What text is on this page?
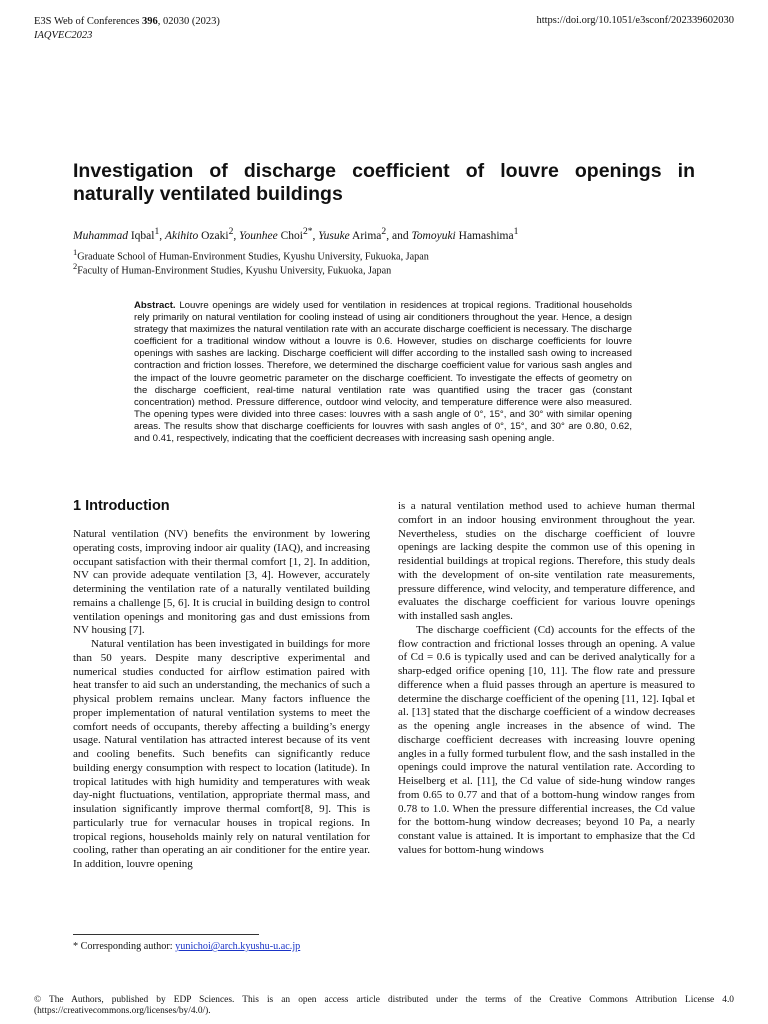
E3S Web of Conferences 396, 02030 (2023)
IAQVEC2023
https://doi.org/10.1051/e3sconf/202339602030
Investigation of discharge coefficient of louvre openings in naturally ventilated buildings
Muhammad Iqbal$^1$, Akihito Ozaki$^2$, Younhee Choi$^{2*}$, Yusuke Arima$^2$, and Tomoyuki Hamashima$^1$
$^1$Graduate School of Human-Environment Studies, Kyushu University, Fukuoka, Japan
$^2$Faculty of Human-Environment Studies, Kyushu University, Fukuoka, Japan
Abstract. Louvre openings are widely used for ventilation in residences at tropical regions. Traditional households rely primarily on natural ventilation for cooling instead of using air conditioners throughout the year. Hence, a design strategy that maximizes the natural ventilation rate with an accurate discharge coefficient is necessary. The discharge coefficient for a traditional window without a louvre is 0.6. However, studies on discharge coefficients for louvre openings with sashes are lacking. Discharge coefficient will differ according to the installed sash owing to increased contraction and friction losses. Therefore, we determined the discharge coefficient value for various sash angles and the impact of the louvre geometric parameter on the discharge coefficient. To investigate the effects of geometry on the discharge coefficient, real-time natural ventilation rate was quantified using the tracer gas (constant concentration) method. Pressure difference, outdoor wind velocity, and temperature difference were also measured. The opening types were divided into three cases: louvres with a sash angle of 0°, 15°, and 30° with similar opening areas. The results show that discharge coefficients for louvres with sash angles of 0°, 15°, and 30° are 0.80, 0.62, and 0.41, respectively, indicating that the coefficient decreases with increasing sash opening angle.
1 Introduction

Natural ventilation (NV) benefits the environment by lowering operating costs, improving indoor air quality (IAQ), and increasing occupant satisfaction with their thermal comfort [1, 2]. In addition, NV can provide adequate ventilation [3, 4]. However, accurately determining the ventilation rate of a naturally ventilated building remains a challenge [5, 6]. It is crucial in building design to control ventilation openings and monitoring gas and dust emissions from NV housing [7].

Natural ventilation has been investigated in buildings for more than 50 years. Despite many descriptive experimental and numerical studies conducted for airflow estimation paired with heat transfer to aid such an understanding, the mechanics of such a physical problem remains unclear. Many factors influence the proper implementation of natural ventilation systems to meet the comfort needs of occupants, thereby affecting a building’s energy usage. Natural ventilation has attracted interest because of its vent and cooling benefits. Such benefits can significantly reduce building energy consumption with respect to location (latitude). In tropical latitudes with high humidity and temperatures with weak day-night fluctuations, ventilation, appropriate thermal mass, and insulation significantly improve thermal comfort[8, 9]. This is particularly true for vernacular houses in tropical regions. In tropical regions, households mainly rely on natural ventilation for cooling, rather than operating an air conditioner for the entire year. In addition, louvre opening

is a natural ventilation method used to achieve human thermal comfort in an indoor housing environment throughout the year. Nevertheless, studies on the discharge coefficient of louvre openings are lacking despite the common use of this opening in residential buildings at tropical regions. Therefore, this study deals with the development of on-site ventilation rate measurements, pressure difference, wind velocity, and temperature difference, and evaluates the discharge coefficient for various louvre openings with installed sash angles.

The discharge coefficient (Cd) accounts for the effects of the flow contraction and frictional losses through an opening. A value of Cd = 0.6 is typically used and can be derived analytically for a sharp-edged orifice opening [10, 11]. The flow rate and pressure difference when a fluid passes through an aperture is measured to determine the discharge coefficient of the opening [11, 12]. Iqbal et al. [13] stated that the discharge coefficient of a window decreases as the opening angle increases in the absence of wind. The discharge coefficient decreases with increasing louvre opening angles in a fully formed turbulent flow, and the sash installed in the openings could improve the natural ventilation rate. According to Heiselberg et al. [11], the Cd value of side-hung window ranges from 0.65 to 0.77 and that of a bottom-hung window ranges from 0.78 to 1.0. When the pressure differential increases, the Cd value for the bottom-hung window decreases; beyond 10 Pa, a nearly constant value is attained. It is important to emphasize that the Cd values for bottom-hung windows

* Corresponding author: yunichoi@arch.kyushu-u.ac.jp
© The Authors, published by EDP Sciences. This is an open access article distributed under the terms of the Creative Commons Attribution License 4.0 (https://creativecommons.org/licenses/by/4.0/).
